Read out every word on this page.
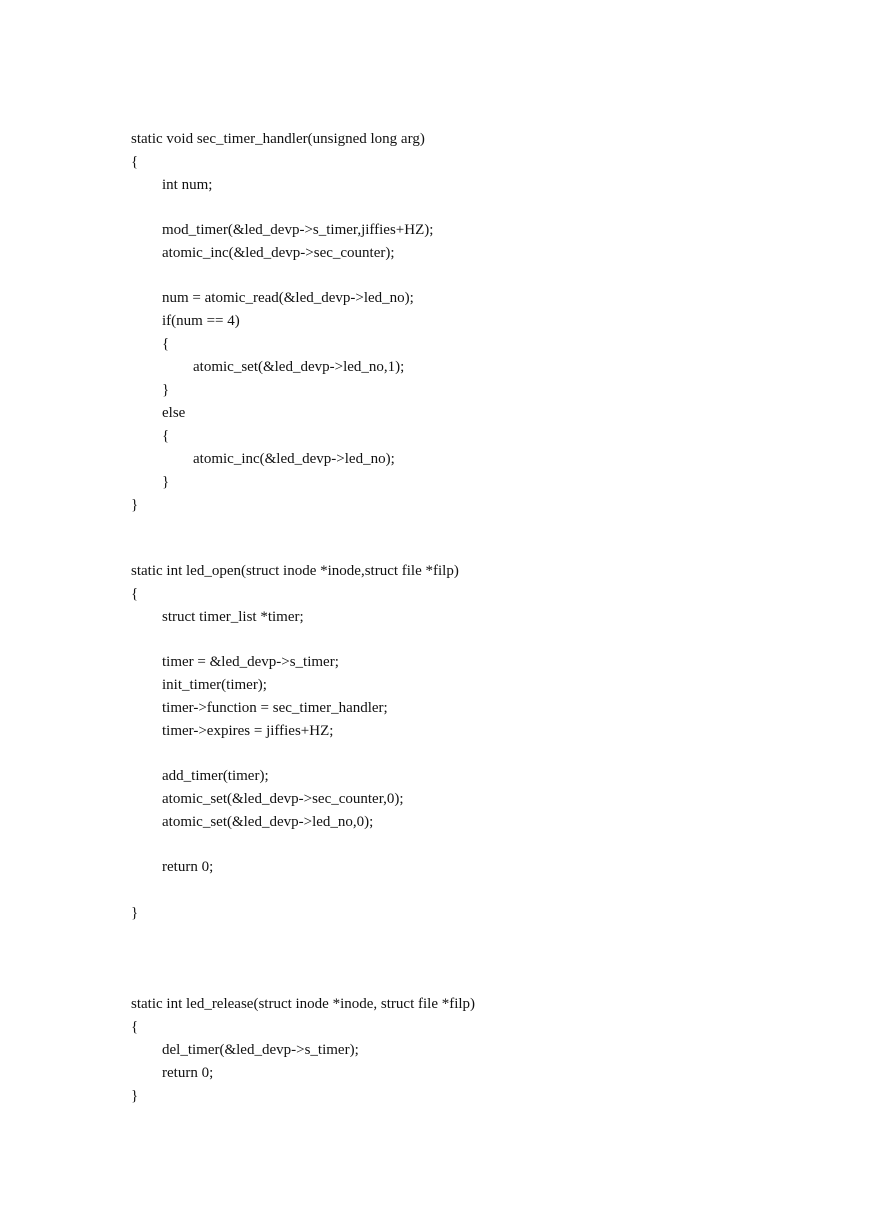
static void sec_timer_handler(unsigned long arg)
{
int num;
mod_timer(&led_devp->s_timer,jiffies+HZ);
atomic_inc(&led_devp->sec_counter);
num = atomic_read(&led_devp->led_no);
if(num == 4)
{
atomic_set(&led_devp->led_no,1);
}
else
{
atomic_inc(&led_devp->led_no);
}
}
static int led_open(struct inode *inode,struct file *filp)
{
struct timer_list *timer;
timer = &led_devp->s_timer;
init_timer(timer);
timer->function = sec_timer_handler;
timer->expires = jiffies+HZ;
add_timer(timer);
atomic_set(&led_devp->sec_counter,0);
atomic_set(&led_devp->led_no,0);
return 0;
}
static int led_release(struct inode *inode, struct file *filp)
{
del_timer(&led_devp->s_timer);
return 0;
}
